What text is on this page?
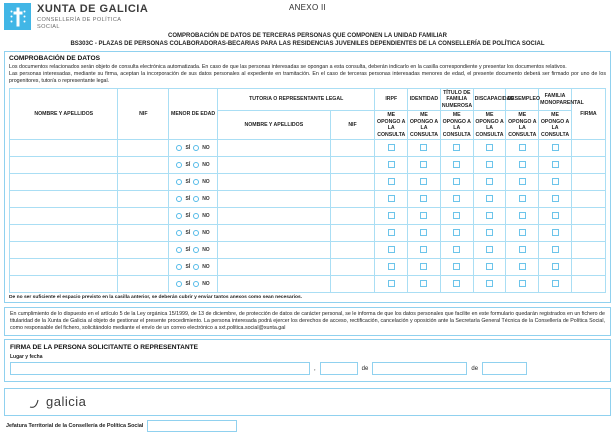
XUNTA DE GALICIA
CONSELLERÍA DE POLÍTICA
SOCIAL
ANEXO II
COMPROBACIÓN DE DATOS DE TERCERAS PERSONAS QUE COMPONEN LA UNIDAD FAMILIAR
BS303C - PLAZAS DE PERSONAS COLABORADORAS-BECARIAS PARA LAS RESIDENCIAS JUVENILES DEPENDIENTES DE LA CONSELLERÍA DE POLÍTICA SOCIAL
COMPROBACIÓN DE DATOS
Los documentos relacionados serán objeto de consulta electrónica automatizada. En caso de que las personas interesadas se opongan a esta consulta, deberán indicarlo en la casilla correspondiente y presentar los documentos relativos.
Las personas interesadas, mediante su firma, aceptan la incorporación de sus datos personales al expediente en tramitación. En el caso de terceras personas interesadas menores de edad, el presente documento deberá ser firmado por uno de los progenitores, tutor/a o representante legal.
NOMBRE Y APELLIDOS	NIF	MENOR DE EDAD	TUTOR/A O REPRESENTANTE LEGAL		IRPF	IDENTIDAD	TÍTULO DE FAMILIA NUMEROSA	DISCAPACIDAD	DESEMPLEO	FAMILIA MONOPARENTAL	FIRMA
			NOMBRE Y APELLIDOS	NIF	ME OPONGO A LA CONSULTA	ME OPONGO A LA CONSULTA	ME OPONGO A LA CONSULTA	ME OPONGO A LA CONSULTA	ME OPONGO A LA CONSULTA	ME OPONGO A LA CONSULTA	

		SÍ NO									

		SÍ NO									

		SÍ NO									

		SÍ NO									

		SÍ NO									

		SÍ NO									

		SÍ NO									

		SÍ NO									

		SÍ NO									

De no ser suficiente el espacio previsto en la casilla anterior, se deberán cubrir y enviar tantos anexos como sean necesarios.
En cumplimiento de lo dispuesto en el artículo 5 de la Ley orgánica 15/1999, de 13 de diciembre, de protección de datos de carácter personal, se le informa de que los datos personales que facilite en este formulario quedarán registrados en un fichero de titularidad de la Xunta de Galicia al objeto de gestionar el presente procedimiento. La persona interesada podrá ejercer los derechos de acceso, rectificación, cancelación y oposición ante la Secretaría General Técnica de la Consellería de Política Social, como responsable del fichero, solicitándolo mediante el envío de un correo electrónico a sxt.politica.social@xunta.gal
FIRMA DE LA PERSONA SOLICITANTE O REPRESENTANTE
Lugar y fecha
,	de	de
galicia
Jefatura Territorial de la Consellería de Política Social
